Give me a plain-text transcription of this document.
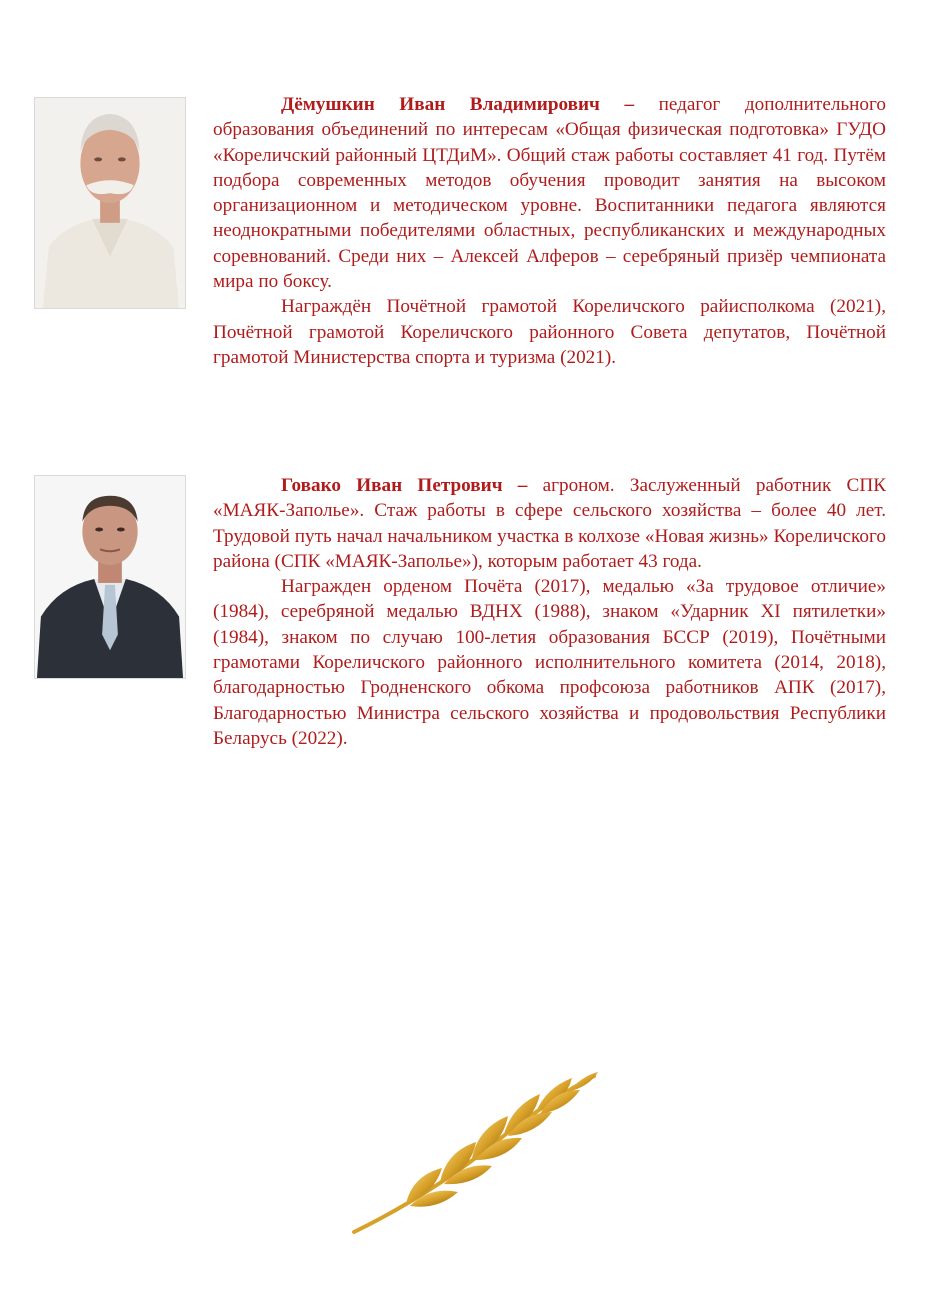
Дёмушкин Иван Владимирович – педагог дополнительного образования объединений по интересам «Общая физическая подготовка» ГУДО «Кореличский районный ЦТДиМ». Общий стаж работы составляет 41 год. Путём подбора современных методов обучения проводит занятия на высоком организационном и методическом уровне. Воспитанники педагога являются неоднократными победителями областных, республиканских и международных соревнований. Среди них – Алексей Алферов – серебряный призёр чемпионата мира по боксу.

Награждён Почётной грамотой Кореличского райисполкома (2021), Почётной грамотой Кореличского районного Совета депутатов, Почётной грамотой Министерства спорта и туризма (2021).

Говако Иван Петрович – агроном. Заслуженный работник СПК «МАЯК-Заполье». Стаж работы в сфере сельского хозяйства – более 40 лет. Трудовой путь начал начальником участка в колхозе «Новая жизнь» Кореличского района (СПК «МАЯК-Заполье»), которым работает 43 года.

Награжден орденом Почёта (2017), медалью «За трудовое отличие» (1984), серебряной медалью ВДНХ (1988), знаком «Ударник XI пятилетки» (1984), знаком по случаю 100-летия образования БССР (2019), Почётными грамотами Кореличского районного исполнительного комитета (2014, 2018), благодарностью Гродненского обкома профсоюза работников АПК (2017), Благодарностью Министра сельского хозяйства и продовольствия Республики Беларусь (2022).
